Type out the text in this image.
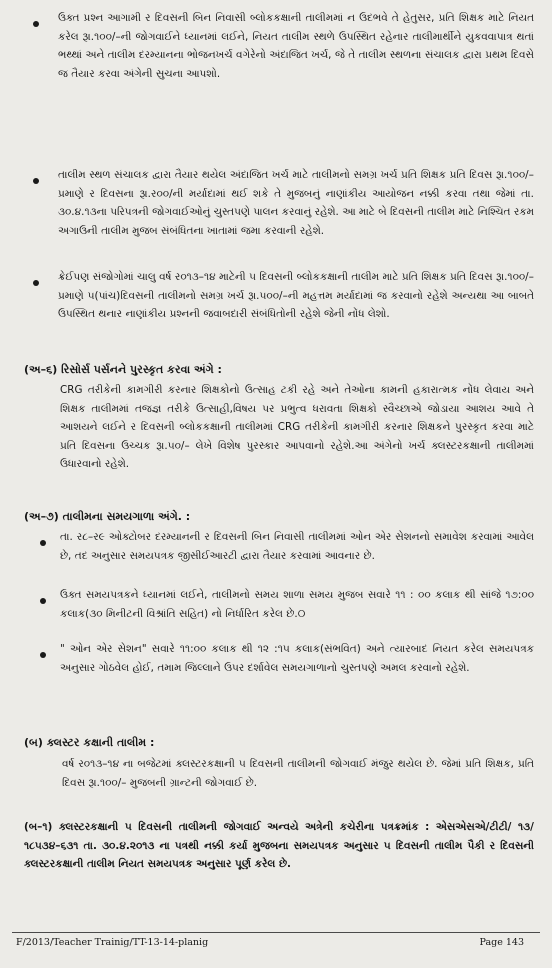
ઉક્ત પ્રશ્ન આગામી ર દિવસની બિન નિવાસી બ્લોકકક્ષાની તાલીમમાં ન ઉદભવે તે હેતુસર, પ્રતિ શિક્ષક માટે નિયત કરેલ રૂા.૧૦૦/–ની જોગવાઈને ધ્યાનમાં લઈને, નિયત તાલીમ સ્થળે ઉપસ્થિત રહેનાર તાલીમાર્થીને યુકવવાપાત્ર થતાં ભથ્થાં અને તાલીમ દરમ્યાનના ભોજનખર્ચ વગેરેનો અંદાજિત ખર્ચ, જે તે તાલીમ સ્થળના સંચાલક દ્વારા પ્રથમ દિવસે જ તૈયાર કરવા અંગેની સુચના આપશો.

તાલીમ સ્થળ સંચાલક દ્વારા તૈયાર થયેલ અંદાજિત ખર્ચ માટે તાલીમનો સમગ્ર ખર્ચ પ્રતિ શિક્ષક પ્રતિ દિવસ રૂા.૧૦૦/–પ્રમાણે ર દિવસના રૂા.ર૦૦/ની મર્યાદામાં થઈ શકે તે મુજબનું નાણાંકીય આયોજન નક્કી કરવા તથા જેમાં તા. ૩૦.૪.૧૩ના પરિપત્રની જોગવાઈઓનું ચુસ્તપણે પાલન કરવાનું રહેશે. આ માટે બે દિવસની તાલીમ માટે નિશ્ચિત રકમ અગાઉની તાલીમ મુજબ સંબંધિતના ખાતામાં જમા કરવાની રહેશે.

ક્રેઈપણ સંજોગોમાં ચાલુ વર્ષ ર૦૧૩–૧૪ માટેની ૫ દિવસની બ્લોકકક્ષાની તાલીમ માટે પ્રતિ શિક્ષક પ્રતિ દિવસ રૂા.૧૦૦/–પ્રમાણે ૫(પાંચ)દિવસની તાલીમનો સમગ્ર ખર્ચ રૂા.૫૦૦/–ની મહત્તમ મર્યાદામાં જ કરવાનો રહેશે અન્યથા આ બાબતે ઉપસ્થિત થનાર નાણાંકીય પ્રશ્નની જવાબદારી સંબંધિતોની રહેશે જેની નોંધ લેશો.

(અ–૬) રિસોર્સ પર્સનને પુરસ્કૃત કરવા અંગે :

CRG તરીકેની કામગીરી કરનાર શિક્ષકોનો ઉત્સાહ ટકી રહે અને તેઓના કામની હકારાત્મક નોંધ લેવાય અને શિક્ષક તાલીમમાં તજજ્ઞ તરીકે ઉત્સાહી,વિષય પર પ્રભુત્વ ધરાવતા શિક્ષકો સ્વૈચ્છાએ જોડાયા આશય આવે તે આશયને લઈને ર દિવસની બ્લોકકક્ષાની તાલીમમાં CRG તરીકેની કામગીરી કરનાર શિક્ષકને પુરસ્કૃત કરવા માટે પ્રતિ દિવસના ઉચ્ચક રૂા.૫૦/– લેખે વિશેષ પુરસ્કાર આપવાનો રહેશે.આ અંગેનો ખર્ચ ક્લસ્ટરકક્ષાની તાલીમમાં ઉધારવાનો રહેશે.

(અ–૭) તાલીમના સમયગાળા અંગે. :

તા. ર૮–ર૯ ઓક્ટોબર દરમ્યાનની ર દિવસની બિન નિવાસી તાલીમમાં ઓન એર સેશનનો સમાવેશ કરવામાં આવેલ છે, તદ અનુસાર સમયપત્રક જીસીઈઆરટી દ્વારા તૈયાર કરવામાં આવનાર છે.

ઉક્ત સમયપત્રકને ધ્યાનમાં લઈને, તાલીમનો સમય શાળા સમય મુજબ સવારે ૧૧ : ૦૦ કલાક થી સાંજે ૧૭:૦૦ કલાક(૩૦ મિનીટની વિશ્રાંતિ સહિત) નો નિર્ધારિત કરેલ છે.୦

" ઓન એર સેશન" સવારે ૧૧:૦૦ કલાક થી ૧૨ :૧૫ કલાક(સંભવિત) અને ત્યારબાદ નિયત કરેલ સમયપત્રક અનુસાર ગોઠવેલ હોઈ, તમામ જિલ્લાને ઉપર દર્શાવેલ સમયગાળાનો ચુસ્તપણે અમલ કરવાનો રહેશે.

(બ) ક્લસ્ટર કક્ષાની તાલીમ :

વર્ષ ર૦૧૩–૧૪ ના બજેટમાં ક્લસ્ટરકક્ષાની ૫ દિવસની તાલીમની જોગવાઈ મંજુર થયેલ છે. જેમાં પ્રતિ શિક્ષક, પ્રતિ દિવસ રૂા.૧૦૦/– મુજબની ગ્રાન્ટની જોગવાઈ છે.

(બ–૧) ક્લસ્ટરકક્ષાની ૫ દિવસની તાલીમની જોગવાઈ અન્વયે અત્રેની કચેરીના પત્રક્રમાંક : એસએસએ/ટીટી/ ૧૩/ ૧૮૫૩૪–૬૩૧ તા. ૩૦.૪.૨૦૧૩ ના પત્રથી નક્કી કર્યા મુજબના સમયપત્રક અનુસાર ૫ દિવસની તાલીમ પૈકી ર દિવસની ક્લસ્ટરકક્ષાની તાલીમ નિયત સમયપત્રક અનુસાર પૂર્ણ કરેલ છે.

F/2013/Teacher Trainig/TT-13-14-planig	Page 143
